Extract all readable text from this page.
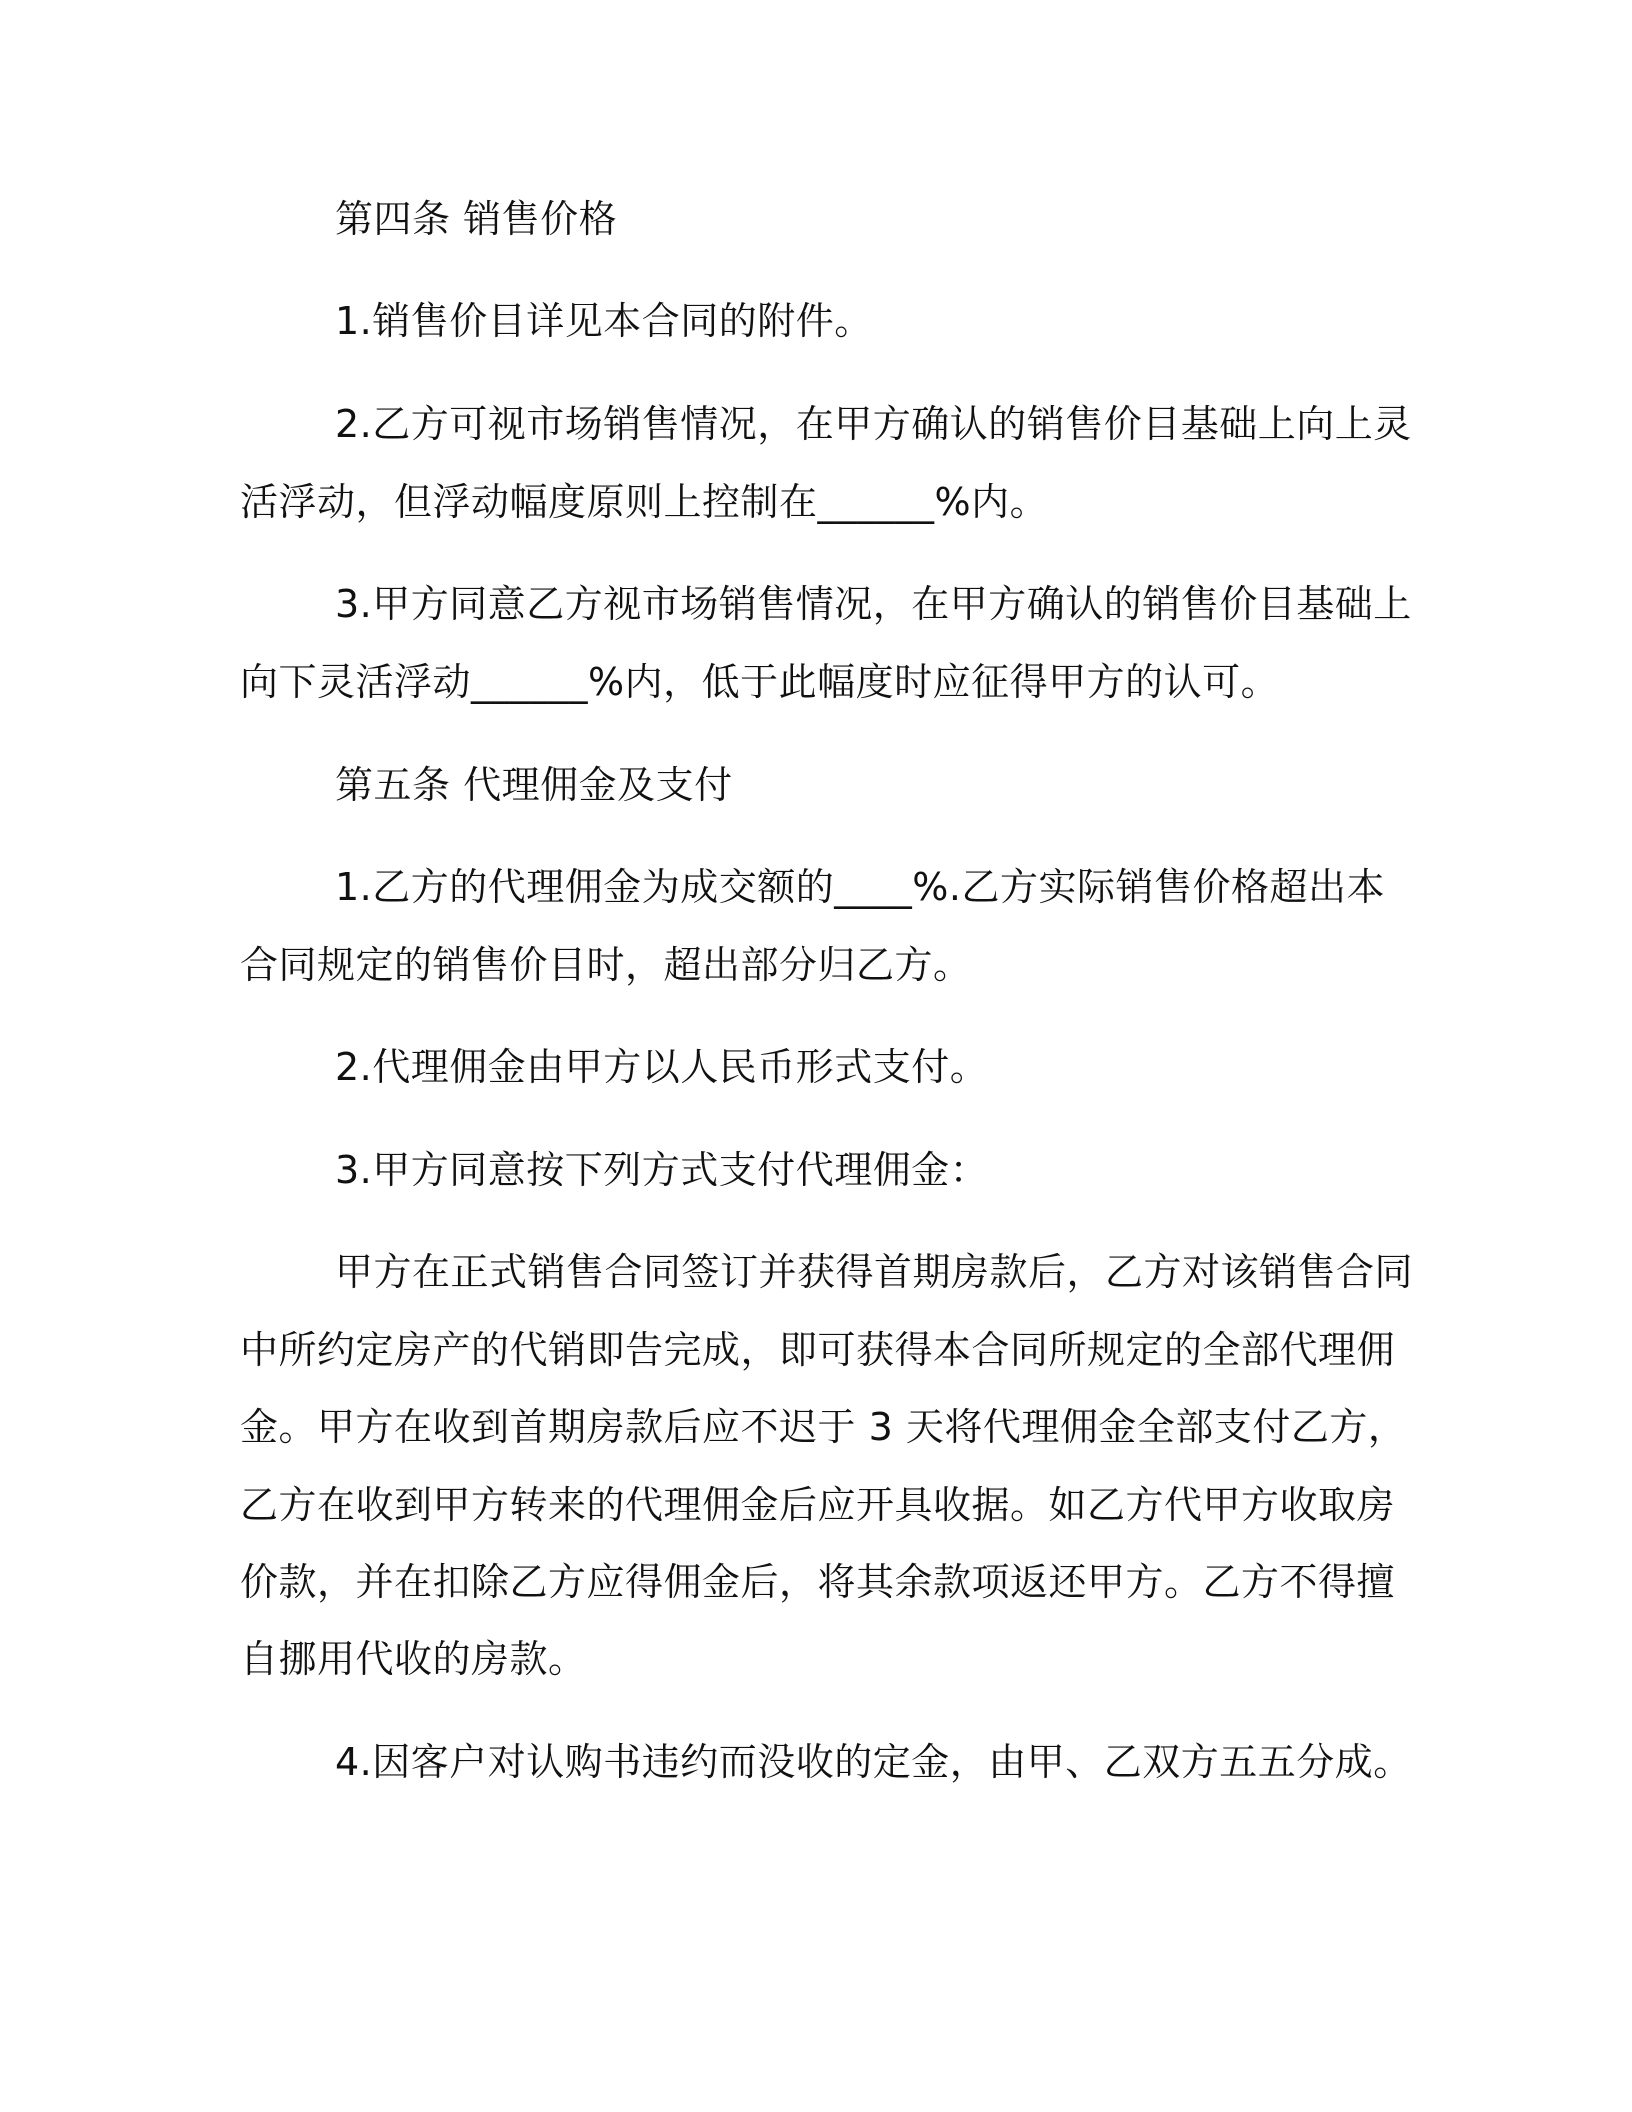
第四条 销售价格
1.销售价目详见本合同的附件。
2.乙方可视市场销售情况，在甲方确认的销售价目基础上向上灵
活浮动，但浮动幅度原则上控制在______%内。
3.甲方同意乙方视市场销售情况，在甲方确认的销售价目基础上
向下灵活浮动______%内，低于此幅度时应征得甲方的认可。
第五条 代理佣金及支付
1.乙方的代理佣金为成交额的____%.乙方实际销售价格超出本
合同规定的销售价目时，超出部分归乙方。
2.代理佣金由甲方以人民币形式支付。
3.甲方同意按下列方式支付代理佣金：
甲方在正式销售合同签订并获得首期房款后，乙方对该销售合同
中所约定房产的代销即告完成，即可获得本合同所规定的全部代理佣
金。甲方在收到首期房款后应不迟于 3 天将代理佣金全部支付乙方，
乙方在收到甲方转来的代理佣金后应开具收据。如乙方代甲方收取房
价款，并在扣除乙方应得佣金后，将其余款项返还甲方。乙方不得擅
自挪用代收的房款。
4.因客户对认购书违约而没收的定金，由甲、乙双方五五分成。
